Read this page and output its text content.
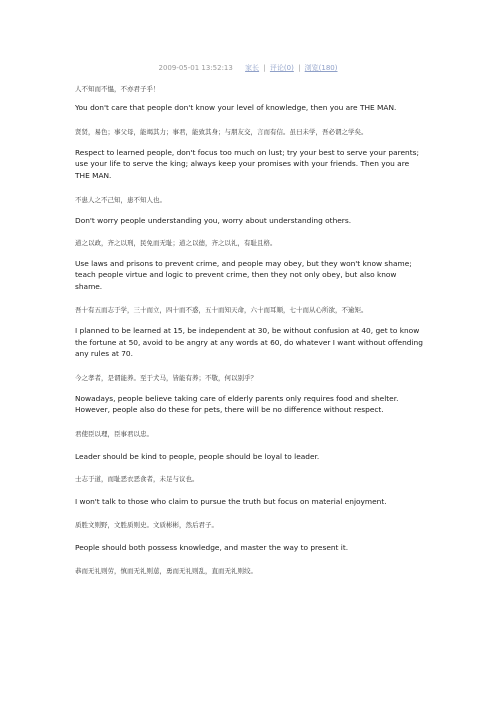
2009-05-01 13:52:13 家长 | 评论(0) | 浏览(180)

人不知而不愠，不亦君子乎！

You don't care that people don't know your level of knowledge, then you are THE MAN.

贤贤，易色；事父母，能竭其力；事君，能致其身；与朋友交，言而有信。虽曰未学，吾必谓之学矣。

Respect to learned people, don't focus too much on lust; try your best to serve your parents; use your life to serve the king; always keep your promises with your friends. Then you are THE MAN.

不患人之不己知，患不知人也。

Don't worry people understanding you, worry about understanding others.

道之以政，齐之以刑，民免而无耻；道之以德，齐之以礼，有耻且格。

Use laws and prisons to prevent crime, and people may obey, but they won't know shame; teach people virtue and logic to prevent crime, then they not only obey, but also know shame.

吾十有五而志于学，三十而立，四十而不惑，五十而知天命，六十而耳顺，七十而从心所欲，不逾矩。

I planned to be learned at 15, be independent at 30, be without confusion at 40, get to know the fortune at 50, avoid to be angry at any words at 60, do whatever I want without offending any rules at 70.

今之孝者，是谓能养。至于犬马，皆能有养；不敬，何以别乎？

Nowadays, people believe taking care of elderly parents only requires food and shelter. However, people also do these for pets, there will be no difference without respect.

君使臣以理，臣事君以忠。

Leader should be kind to people, people should be loyal to leader.

士志于道，而耻恶衣恶食者，未足与议也。

I won't talk to those who claim to pursue the truth but focus on material enjoyment.

质胜文则野，文胜质则史。文质彬彬，然后君子。

People should both possess knowledge, and master the way to present it.

恭而无礼则劳，慎而无礼则葸，勇而无礼则乱，直而无礼则绞。
